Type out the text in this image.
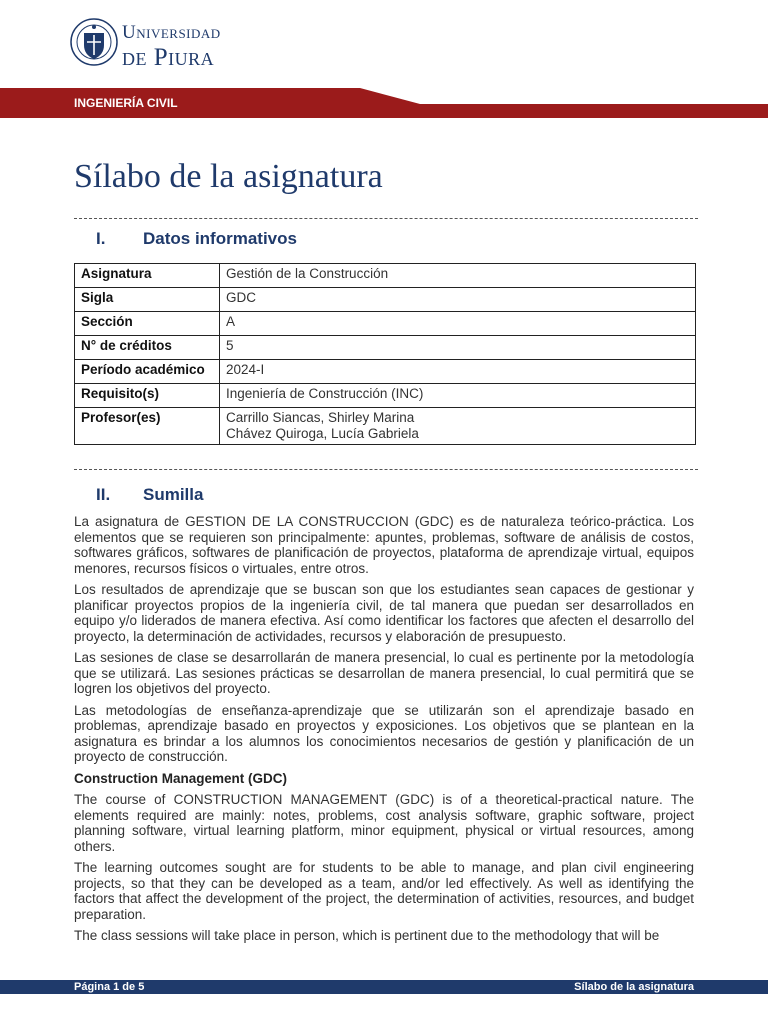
Universidad
de Piura
INGENIERÍA CIVIL
Sílabo de la asignatura
I. Datos informativos
Asignatura	Gestión de la Construcción
Sigla	GDC
Sección	A
N° de créditos	5
Período académico	2024-I
Requisito(s)	Ingeniería de Construcción (INC)
Profesor(es)	Carrillo Siancas, Shirley Marina
Chávez Quiroga, Lucía Gabriela
II. Sumilla

La asignatura de GESTION DE LA CONSTRUCCION (GDC) es de naturaleza teórico-práctica. Los elementos que se requieren son principalmente: apuntes, problemas, software de análisis de costos, softwares gráficos, softwares de planificación de proyectos, plataforma de aprendizaje virtual, equipos menores, recursos físicos o virtuales, entre otros.

Los resultados de aprendizaje que se buscan son que los estudiantes sean capaces de gestionar y planificar proyectos propios de la ingeniería civil, de tal manera que puedan ser desarrollados en equipo y/o liderados de manera efectiva. Así como identificar los factores que afecten el desarrollo del proyecto, la determinación de actividades, recursos y elaboración de presupuesto.

Las sesiones de clase se desarrollarán de manera presencial, lo cual es pertinente por la metodología que se utilizará. Las sesiones prácticas se desarrollan de manera presencial, lo cual permitirá que se logren los objetivos del proyecto.

Las metodologías de enseñanza-aprendizaje que se utilizarán son el aprendizaje basado en problemas, aprendizaje basado en proyectos y exposiciones. Los objetivos que se plantean en la asignatura es brindar a los alumnos los conocimientos necesarios de gestión y planificación de un proyecto de construcción.

Construction Management (GDC)

The course of CONSTRUCTION MANAGEMENT (GDC) is of a theoretical-practical nature. The elements required are mainly: notes, problems, cost analysis software, graphic software, project planning software, virtual learning platform, minor equipment, physical or virtual resources, among others.

The learning outcomes sought are for students to be able to manage, and plan civil engineering projects, so that they can be developed as a team, and/or led effectively. As well as identifying the factors that affect the development of the project, the determination of activities, resources, and budget preparation.

The class sessions will take place in person, which is pertinent due to the methodology that will be

Página 1 de 5	Sílabo de la asignatura
